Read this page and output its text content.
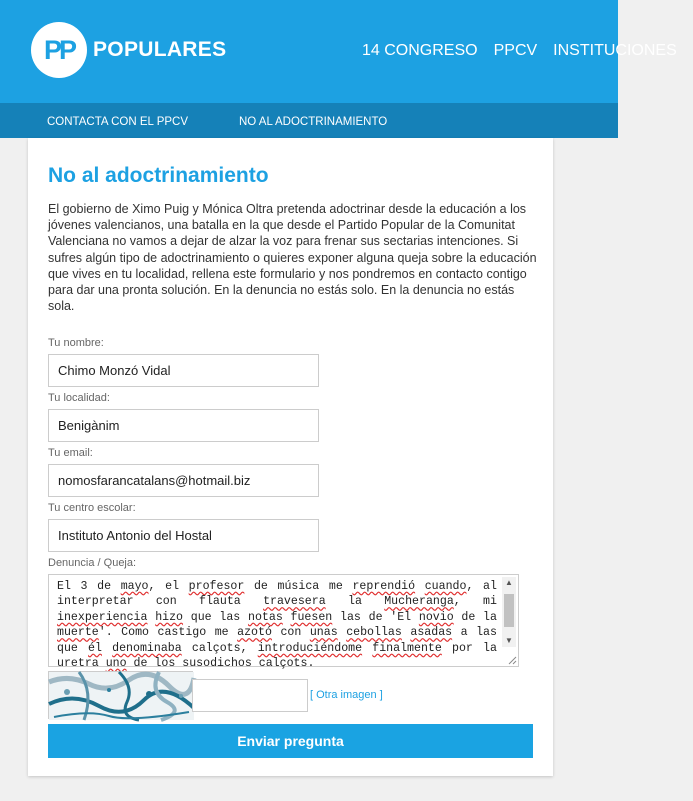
PP POPULARES	14 CONGRESO PPCV INSTITUCIONES
CONTACTA CON EL PPCV	NO AL ADOCTRINAMIENTO
No al adoctrinamiento

El gobierno de Ximo Puig y Mónica Oltra pretenda adoctrinar desde la educación a los jóvenes valencianos, una batalla en la que desde el Partido Popular de la Comunitat Valenciana no vamos a dejar de alzar la voz para frenar sus sectarias intenciones. Si sufres algún tipo de adoctrinamiento o quieres exponer alguna queja sobre la educación que vives en tu localidad, rellena este formulario y nos pondremos en contacto contigo para dar una pronta solución. En la denuncia no estás solo. En la denuncia no estás sola.

Tu nombre:
Chimo Monzó Vidal
Tu localidad:
Benigànim
Tu email:
nomosfarancatalans@hotmail.biz
Tu centro escolar:
Instituto Antonio del Hostal
Denuncia / Queja:
El 3 de mayo, el profesor de música me reprendió cuando, al interpretar con flauta travesera la Mucheranga, mi inexperiencia hizo que las notas fuesen las de 'El novio de la muerte'. Como castigo me azotó con unas cebollas asadas a las que él denominaba calçots, introduciéndome finalmente por la uretra uno de los susodichos calçots.
▲
▼
[ Otra imagen ]
Enviar pregunta
